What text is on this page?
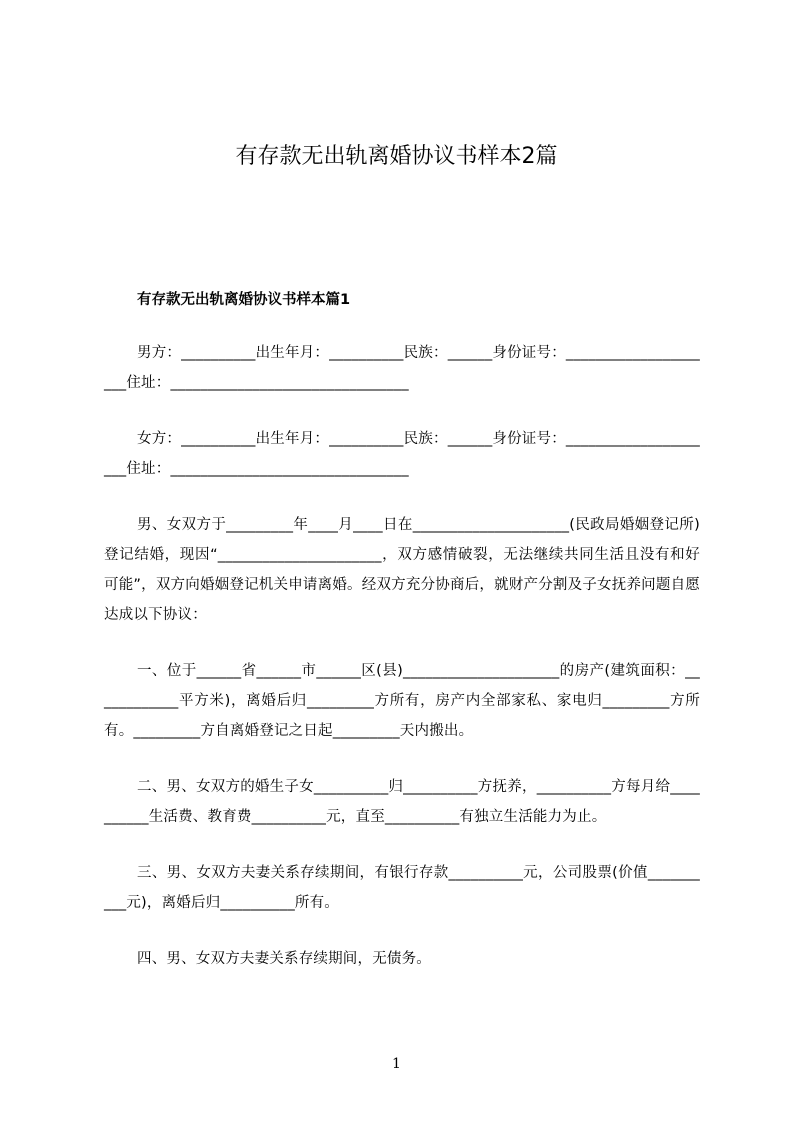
有存款无出轨离婚协议书样本2篇
有存款无出轨离婚协议书样本篇1

男方：__________出生年月：__________民族：______身份证号：_____________________住址：________________________________

女方：__________出生年月：__________民族：______身份证号：_____________________住址：________________________________

男、女双方于_________年____月____日在_____________________(民政局婚姻登记所)登记结婚，现因“______________________，双方感情破裂，无法继续共同生活且没有和好可能”，双方向婚姻登记机关申请离婚。经双方充分协商后，就财产分割及子女抚养问题自愿达成以下协议：

一、位于______省______市______区(县)_____________________的房产(建筑面积：____________平方米)，离婚后归_________方所有，房产内全部家私、家电归_________方所有。_________方自离婚登记之日起_________天内搬出。

二、男、女双方的婚生子女__________归__________方抚养，__________方每月给__________生活费、教育费__________元，直至__________有独立生活能力为止。

三、男、女双方夫妻关系存续期间，有银行存款__________元，公司股票(价值__________元)，离婚后归__________所有。

四、男、女双方夫妻关系存续期间，无债务。

1
